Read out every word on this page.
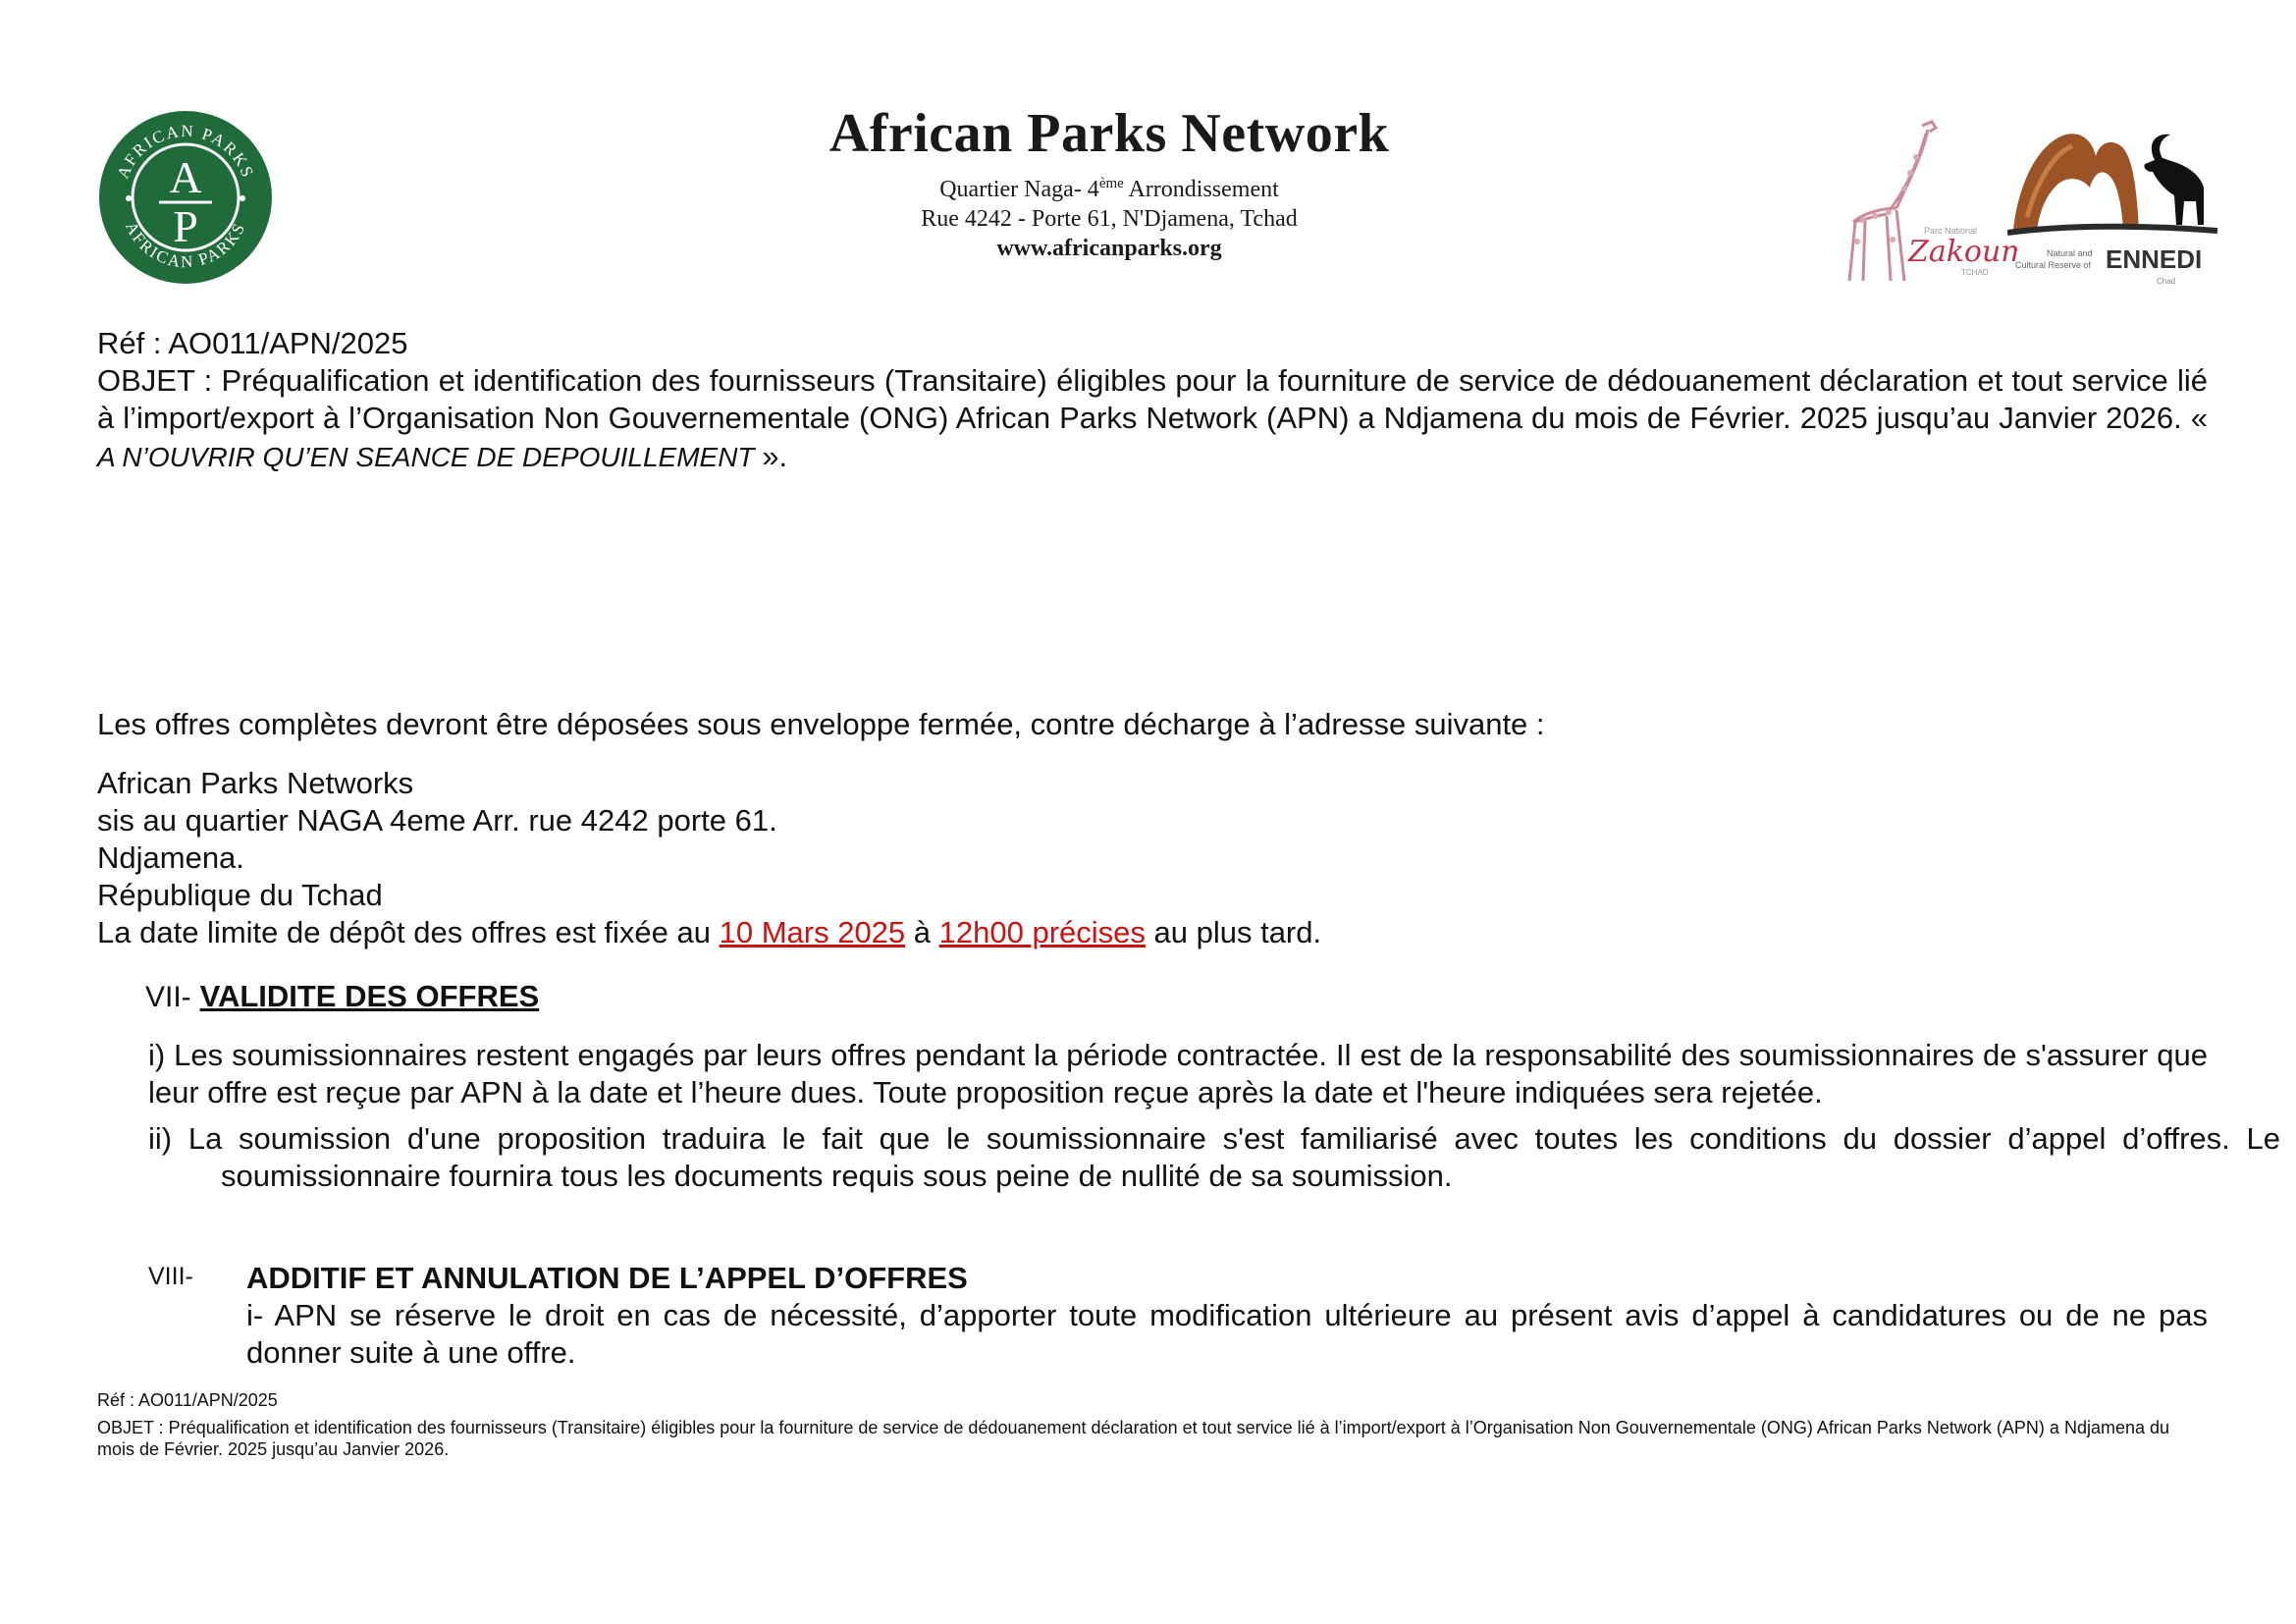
AFRICAN PARKS
AFRICAN PARKS
A
P
African Parks Network
Quartier Naga- 4ème Arrondissement
Rue 4242 - Porte 61, N'Djamena, Tchad
www.africanparks.org
Parc National
Zakou
TCHAD
Natural and
Cultural Reserve of ENNEDI
Chad
Réf : AO011/APN/2025
OBJET : Préqualification et identification des fournisseurs (Transitaire) éligibles pour la fourniture de service de dédouanement déclaration et tout service lié à l’import/export à l’Organisation Non Gouvernementale (ONG) African Parks Network (APN) a Ndjamena du mois de Février. 2025 jusqu’au Janvier 2026. « A N’OUVRIR QU’EN SEANCE DE DEPOUILLEMENT ».
Les offres complètes devront être déposées sous enveloppe fermée, contre décharge à l’adresse suivante :
African Parks Networks
sis au quartier NAGA 4eme Arr. rue 4242 porte 61.
Ndjamena.
République du Tchad
La date limite de dépôt des offres est fixée au 10 Mars 2025 à 12h00 précises au plus tard.
VII- VALIDITE DES OFFRES
i) Les soumissionnaires restent engagés par leurs offres pendant la période contractée. Il est de la responsabilité des soumissionnaires de s'assurer que leur offre est reçue par APN à la date et l’heure dues. Toute proposition reçue après la date et l'heure indiquées sera rejetée.
ii) La soumission d'une proposition traduira le fait que le soumissionnaire s'est familiarisé avec toutes les conditions du dossier d’appel d’offres. Le soumissionnaire fournira tous les documents requis sous peine de nullité de sa soumission.
VIII- ADDITIF ET ANNULATION DE L’APPEL D’OFFRES
i- APN se réserve le droit en cas de nécessité, d’apporter toute modification ultérieure au présent avis d’appel à candidatures ou de ne pas donner suite à une offre.
Réf : AO011/APN/2025
OBJET : Préqualification et identification des fournisseurs (Transitaire) éligibles pour la fourniture de service de dédouanement déclaration et tout service lié à l’import/export à l’Organisation Non Gouvernementale (ONG) African Parks Network (APN) a Ndjamena du mois de Février. 2025 jusqu’au Janvier 2026.
